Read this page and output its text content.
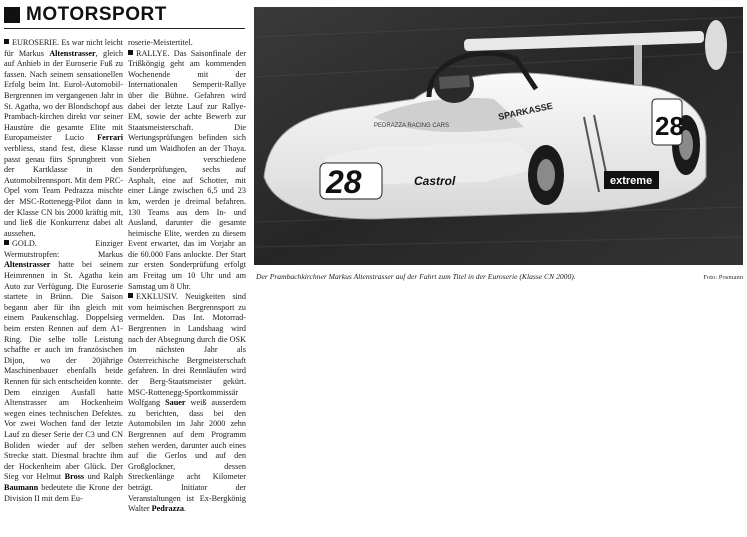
MOTORSPORT

EUROSERIE. Es war nicht leicht für Markus Altenstrasser, gleich auf Anhieb in der Euroserie Fuß zu fassen. Nach seinem sensationellen Erfolg beim Int. Eurol-Automobil-Bergrennen im vergangenen Jahr in St. Agatha, wo der Blondschopf aus Prambach-kirchen direkt vor seiner Haustüre die gesamte Elite mit Europameister Lucio Ferrari verbliess, stand fest, diese Klasse passt genau fürs Sprungbrett von der Kartklasse in den Automobilrennsport. Mit dem PRC-Opel vom Team Pedrazza mischte der MSC-Rottenegg-Pilot dann in der Klasse CN bis 2000 kräftig mit, und ließ die Konkurrenz dabei alt aussehen.

GOLD.	Einziger Wermutstropfen: Markus Altenstrasser hatte bei seinem Heimrennen in St. Agatha kein Auto zur Verfügung. Die Euroserie startete in Brünn. Die Saison begann aber für ihn gleich mit einem Paukenschlag. Doppelsieg beim ersten Rennen auf dem A1-Ring. Die selbe tolle Leistung schaffte er auch im französischen Dijon, wo der 20jährige Maschinenbauer ebenfalls beide Rennen für sich entscheiden konnte. Dem einzigen Ausfall hatte Altenstrasser am Hockenheim wegen eines technischen Defektes. Vor zwei Wochen fand der letzte Lauf zu dieser Serie der C3 und CN Boliden wieder auf der selben Strecke statt. Diesmal brachte ihm der Hockenheim aber Glück. Der Sieg vor Helmut Bross und Ralph Baumann bedeutete die Krone der Division II mit dem Eu-

roserie-Meistertitel.

RALLYE. Das Saisonfinale der Trißköngig geht am kommenden Wochenende mit der Internationalen Semperit-Rallye über die Bühne. Gefahren wird dabei der letzte Lauf zur Rallye-EM, sowie der achte Bewerb zur Staatsmeisterschaft. Die Wertungsprüfungen befinden sich rund um Waidhofen an der Thaya. Sieben verschiedene Sonderprüfungen, sechs auf Asphalt, eine auf Schotter, mit einer Länge zwischen 6,5 und 23 km, werden je dreimal befahren. 130 Teams aus dem In- und Ausland, darunter die gesamte heimische Elite, werden zu diesem Event erwartet, das im Vorjahr an die 60.000 Fans anlockte. Der Start zur ersten Sonderprüfung erfolgt am Freitag um 10 Uhr und am Samstag um 8 Uhr.

EXKLUSIV. Neuigkeiten sind vom heimischen Bergrennsport zu vermelden. Das Int. Motorrad-Bergrennen in Landshaag wird nach der Absegnung durch die OSK im nächsten Jahr als Österreichische Bergmeisterschaft gefahren. In drei Rennläufen wird der Berg-Staatsmeister gekürt. MSC-Rottenegg-Sportkommissär Wolfgang Sauer weiß ausserdem zu berichten, dass bei den Automobilen im Jahr 2000 zehn Bergrennen auf dem Programm stehen werden, darunter auch eines auf die Gerlos und auf den Großglockner, dessen Streckenlänge acht Kilometer beträgt. Initiator der Veranstaltungen ist Ex-Bergkönig Walter Pedrazza.

PEDRAZZA RACING CARS
SPARKASSE
28
28
Castrol	extreme
Der Prambachkirchner Markus Altenstrasser auf der Fahrt zum Titel in der Euroserie (Klasse CN 2000).	Foto: Posmann
